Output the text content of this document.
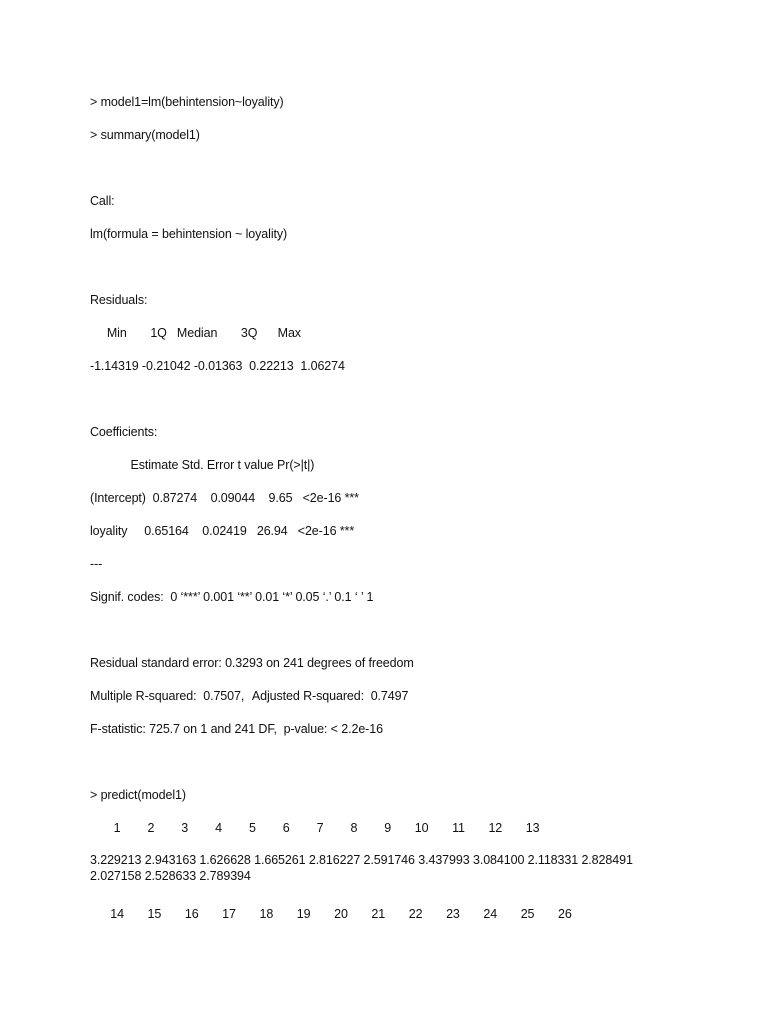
> model1=lm(behintension~loyality)
> summary(model1)
Call:
lm(formula = behintension ~ loyality)
Residuals:
Min       1Q   Median       3Q      Max
-1.14319 -0.21042 -0.01363  0.22213  1.06274
Coefficients:
Estimate Std. Error t value Pr(>|t|)
(Intercept)  0.87274    0.09044    9.65   <2e-16 ***
loyality     0.65164    0.02419   26.94   <2e-16 ***
---
Signif. codes:  0 ‘***’ 0.001 ‘**’ 0.01 ‘*’ 0.05 ‘.’ 0.1 ‘ ’ 1
Residual standard error: 0.3293 on 241 degrees of freedom
Multiple R-squared:  0.7507,	Adjusted R-squared:  0.7497
F-statistic: 725.7 on 1 and 241 DF,  p-value: < 2.2e-16
> predict(model1)
1        2        3        4        5        6        7        8        9       10       11       12       13
3.229213 2.943163 1.626628 1.665261 2.816227 2.591746 3.437993 3.084100 2.118331 2.828491 2.027158 2.528633 2.789394
14       15       16       17       18       19       20       21       22       23       24       25       26
